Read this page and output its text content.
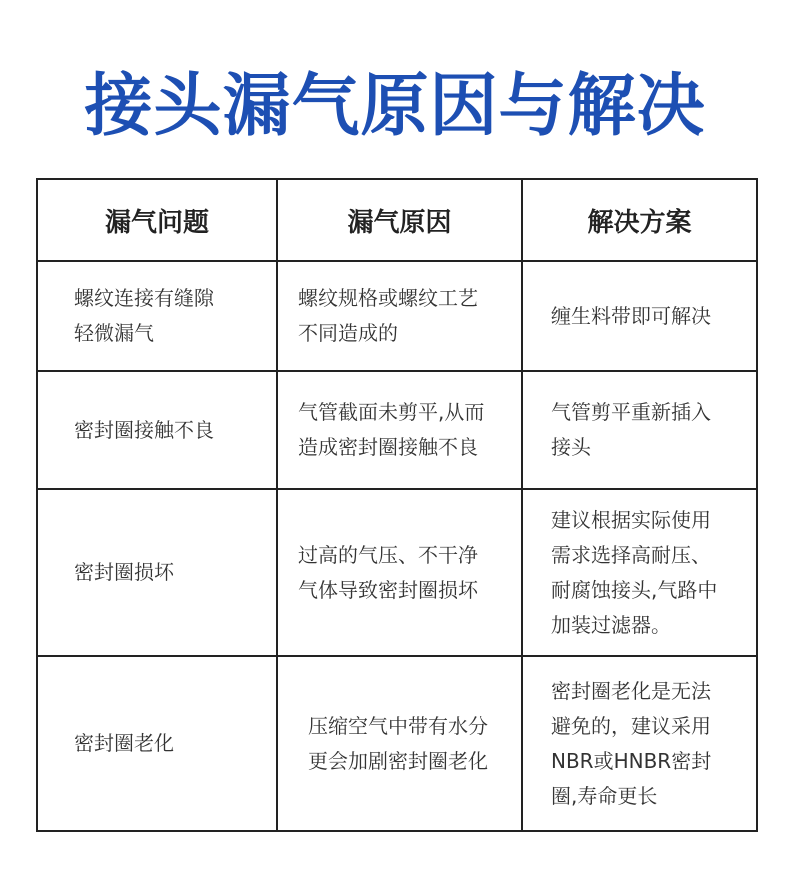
接头漏气原因与解决
漏气问题	漏气原因	解决方案
螺纹连接有缝隙
轻微漏气
螺纹规格或螺纹工艺
不同造成的
缠生料带即可解决
密封圈接触不良
气管截面未剪平,从而
造成密封圈接触不良
气管剪平重新插入
接头
密封圈损坏
过高的气压、不干净
气体导致密封圈损坏
建议根据实际使用
需求选择高耐压、
耐腐蚀接头,气路中
加装过滤器。
密封圈老化
压缩空气中带有水分
更会加剧密封圈老化
密封圈老化是无法
避免的，建议采用
NBR或HNBR密封
圈,寿命更长
